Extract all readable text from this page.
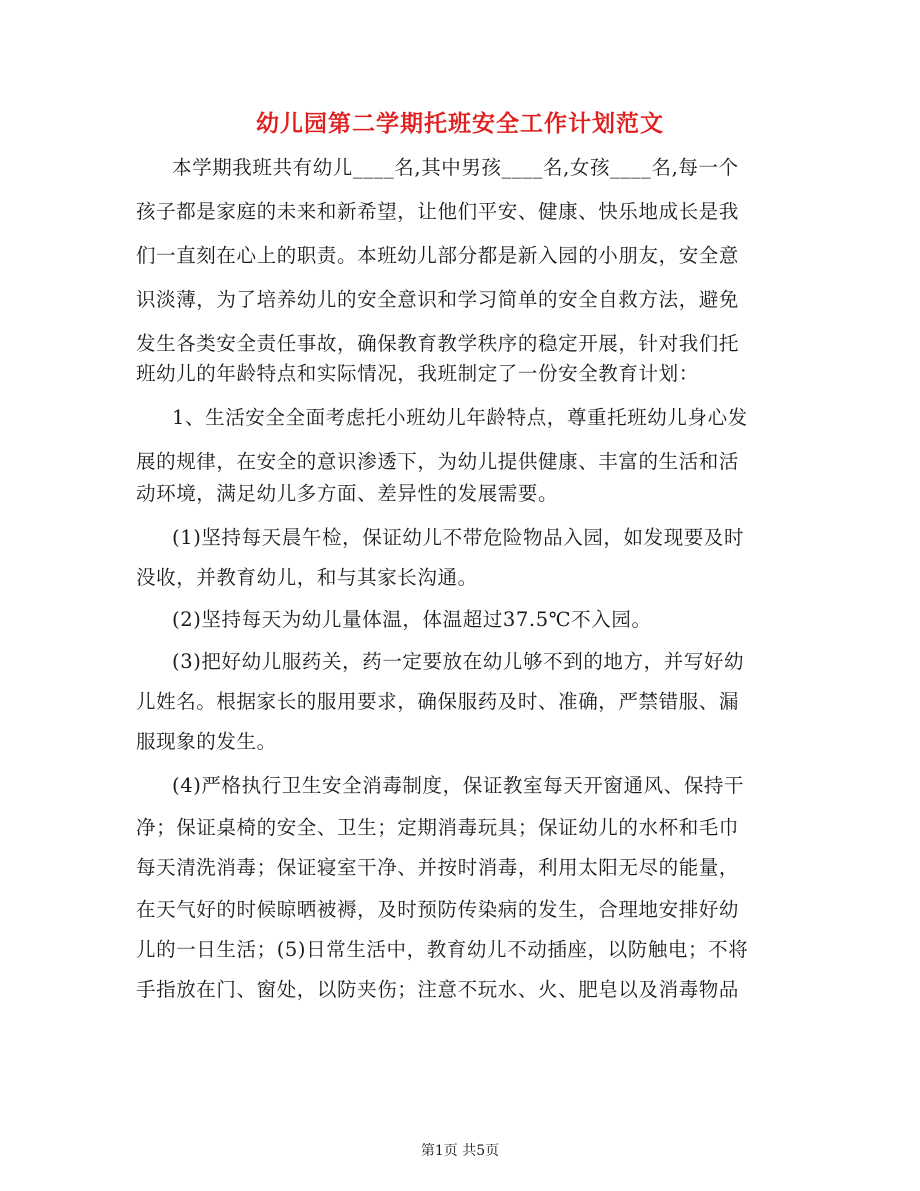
幼儿园第二学期托班安全工作计划范文
本学期我班共有幼儿____名,其中男孩____名,女孩____名,每一个
孩子都是家庭的未来和新希望，让他们平安、健康、快乐地成长是我
们一直刻在心上的职责。本班幼儿部分都是新入园的小朋友，安全意
识淡薄，为了培养幼儿的安全意识和学习简单的安全自救方法，避免
发生各类安全责任事故，确保教育教学秩序的稳定开展，针对我们托
班幼儿的年龄特点和实际情况，我班制定了一份安全教育计划：
1、生活安全全面考虑托小班幼儿年龄特点，尊重托班幼儿身心发
展的规律，在安全的意识渗透下，为幼儿提供健康、丰富的生活和活
动环境，满足幼儿多方面、差异性的发展需要。
(1)坚持每天晨午检，保证幼儿不带危险物品入园，如发现要及时
没收，并教育幼儿，和与其家长沟通。
(2)坚持每天为幼儿量体温，体温超过37.5℃不入园。
(3)把好幼儿服药关，药一定要放在幼儿够不到的地方，并写好幼
儿姓名。根据家长的服用要求，确保服药及时、准确，严禁错服、漏
服现象的发生。
(4)严格执行卫生安全消毒制度，保证教室每天开窗通风、保持干
净；保证桌椅的安全、卫生；定期消毒玩具；保证幼儿的水杯和毛巾
每天清洗消毒；保证寝室干净、并按时消毒，利用太阳无尽的能量，
在天气好的时候晾晒被褥，及时预防传染病的发生，合理地安排好幼
儿的一日生活；(5)日常生活中，教育幼儿不动插座，以防触电；不将
手指放在门、窗处，以防夹伤；注意不玩水、火、肥皂以及消毒物品
第1页 共5页
